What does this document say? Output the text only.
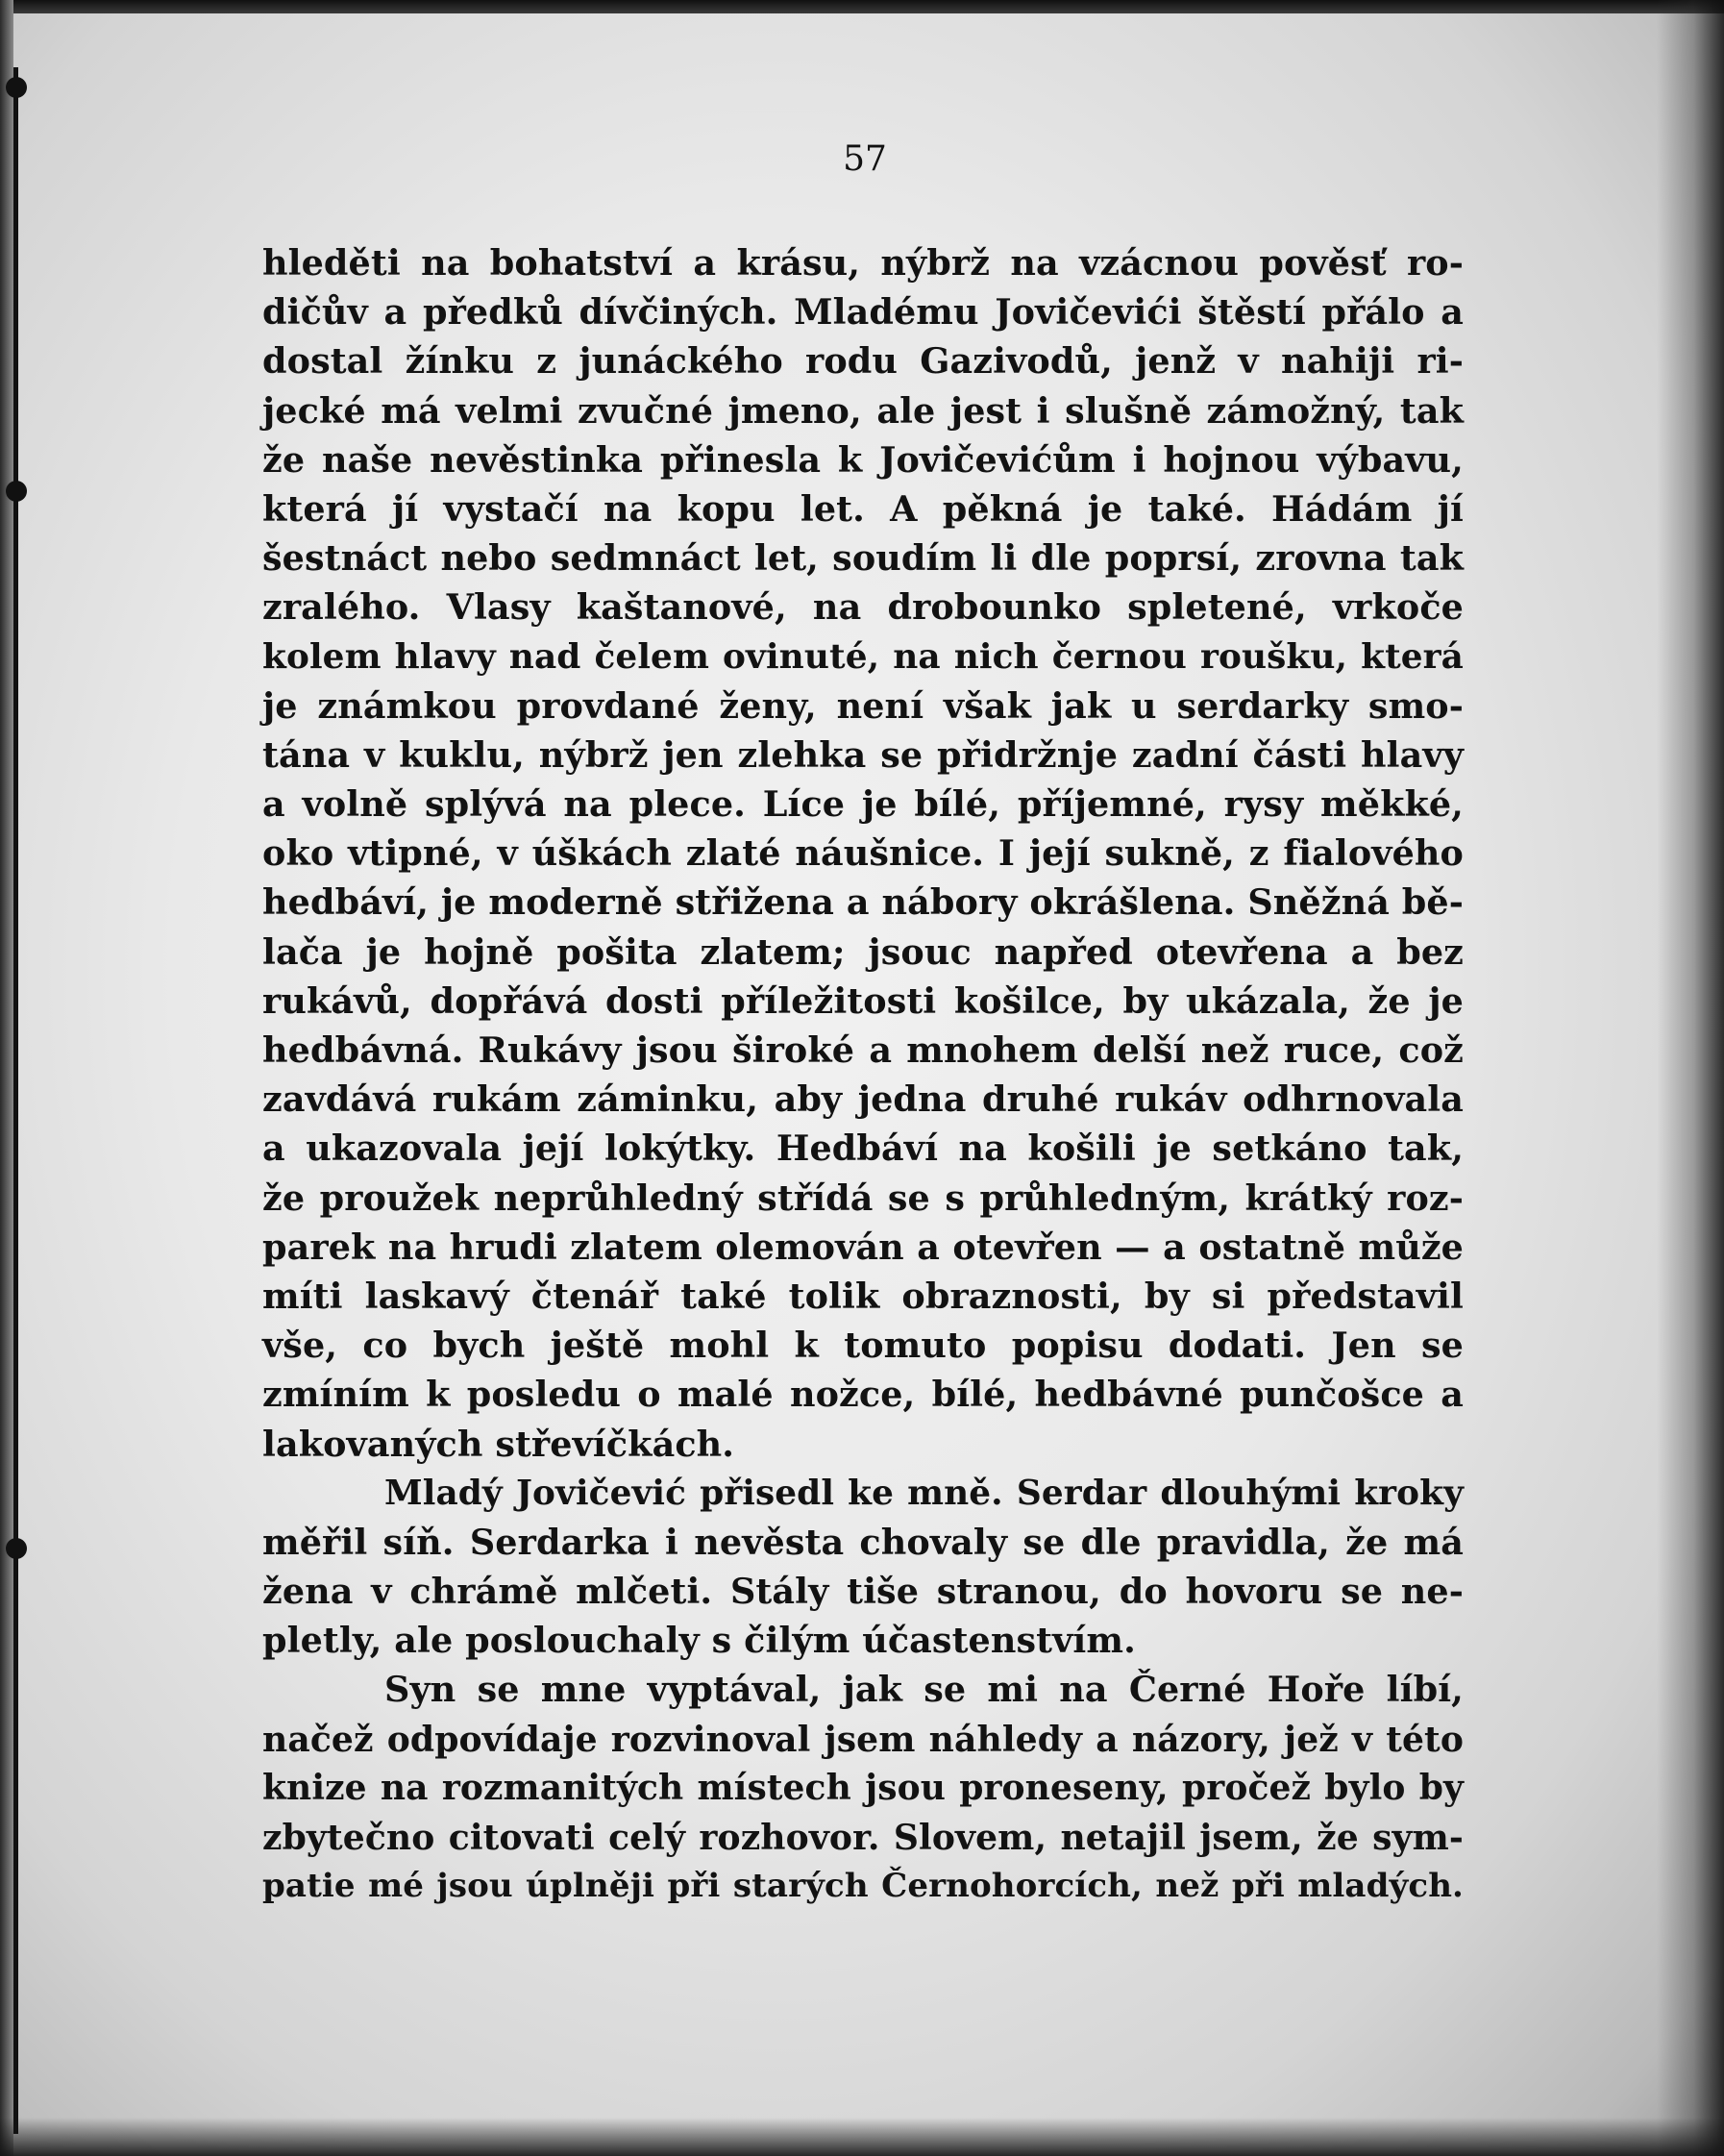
57
hleděti na bohatství a krásu, nýbrž na vzácnou pověsť ro-
dičův a předků dívčiných. Mladému Jovičevići štěstí přálo a
dostal žínku z junáckého rodu Gazivodů, jenž v nahiji ri-
jecké má velmi zvučné jmeno, ale jest i slušně zámožný, tak
že naše nevěstinka přinesla k Jovičevićům i hojnou výbavu,
která jí vystačí na kopu let. A pěkná je také. Hádám jí
šestnáct nebo sedmnáct let, soudím li dle poprsí, zrovna tak
zralého. Vlasy kaštanové, na drobounko spletené, vrkoče
kolem hlavy nad čelem ovinuté, na nich černou roušku, která
je známkou provdané ženy, není však jak u serdarky smo-
tána v kuklu, nýbrž jen zlehka se přidržnje zadní části hlavy
a volně splývá na plece. Líce je bílé, příjemné, rysy měkké,
oko vtipné, v úškách zlaté náušnice. I její sukně, z fialového
hedbáví, je moderně střižena a nábory okrášlena. Sněžná bě-
lača je hojně pošita zlatem; jsouc napřed otevřena a bez
rukávů, dopřává dosti příležitosti košilce, by ukázala, že je
hedbávná. Rukávy jsou široké a mnohem delší než ruce, což
zavdává rukám záminku, aby jedna druhé rukáv odhrnovala
a ukazovala její lokýtky. Hedbáví na košili je setkáno tak,
že proužek neprůhledný střídá se s průhledným, krátký roz-
parek na hrudi zlatem olemován a otevřen — a ostatně může
míti laskavý čtenář také tolik obraznosti, by si představil
vše, co bych ještě mohl k tomuto popisu dodati. Jen se
zmíním k posledu o malé nožce, bílé, hedbávné punčošce a
lakovaných střevíčkách.
Mladý Jovičević přisedl ke mně. Serdar dlouhými kroky
měřil síň. Serdarka i nevěsta chovaly se dle pravidla, že má
žena v chrámě mlčeti. Stály tiše stranou, do hovoru se ne-
pletly, ale poslouchaly s čilým účastenstvím.
Syn se mne vyptával, jak se mi na Černé Hoře líbí,
načež odpovídaje rozvinoval jsem náhledy a názory, jež v této
knize na rozmanitých místech jsou proneseny, pročež bylo by
zbytečno citovati celý rozhovor. Slovem, netajil jsem, že sym-
patie mé jsou úplněji při starých Černohorcích, než při mladých.
